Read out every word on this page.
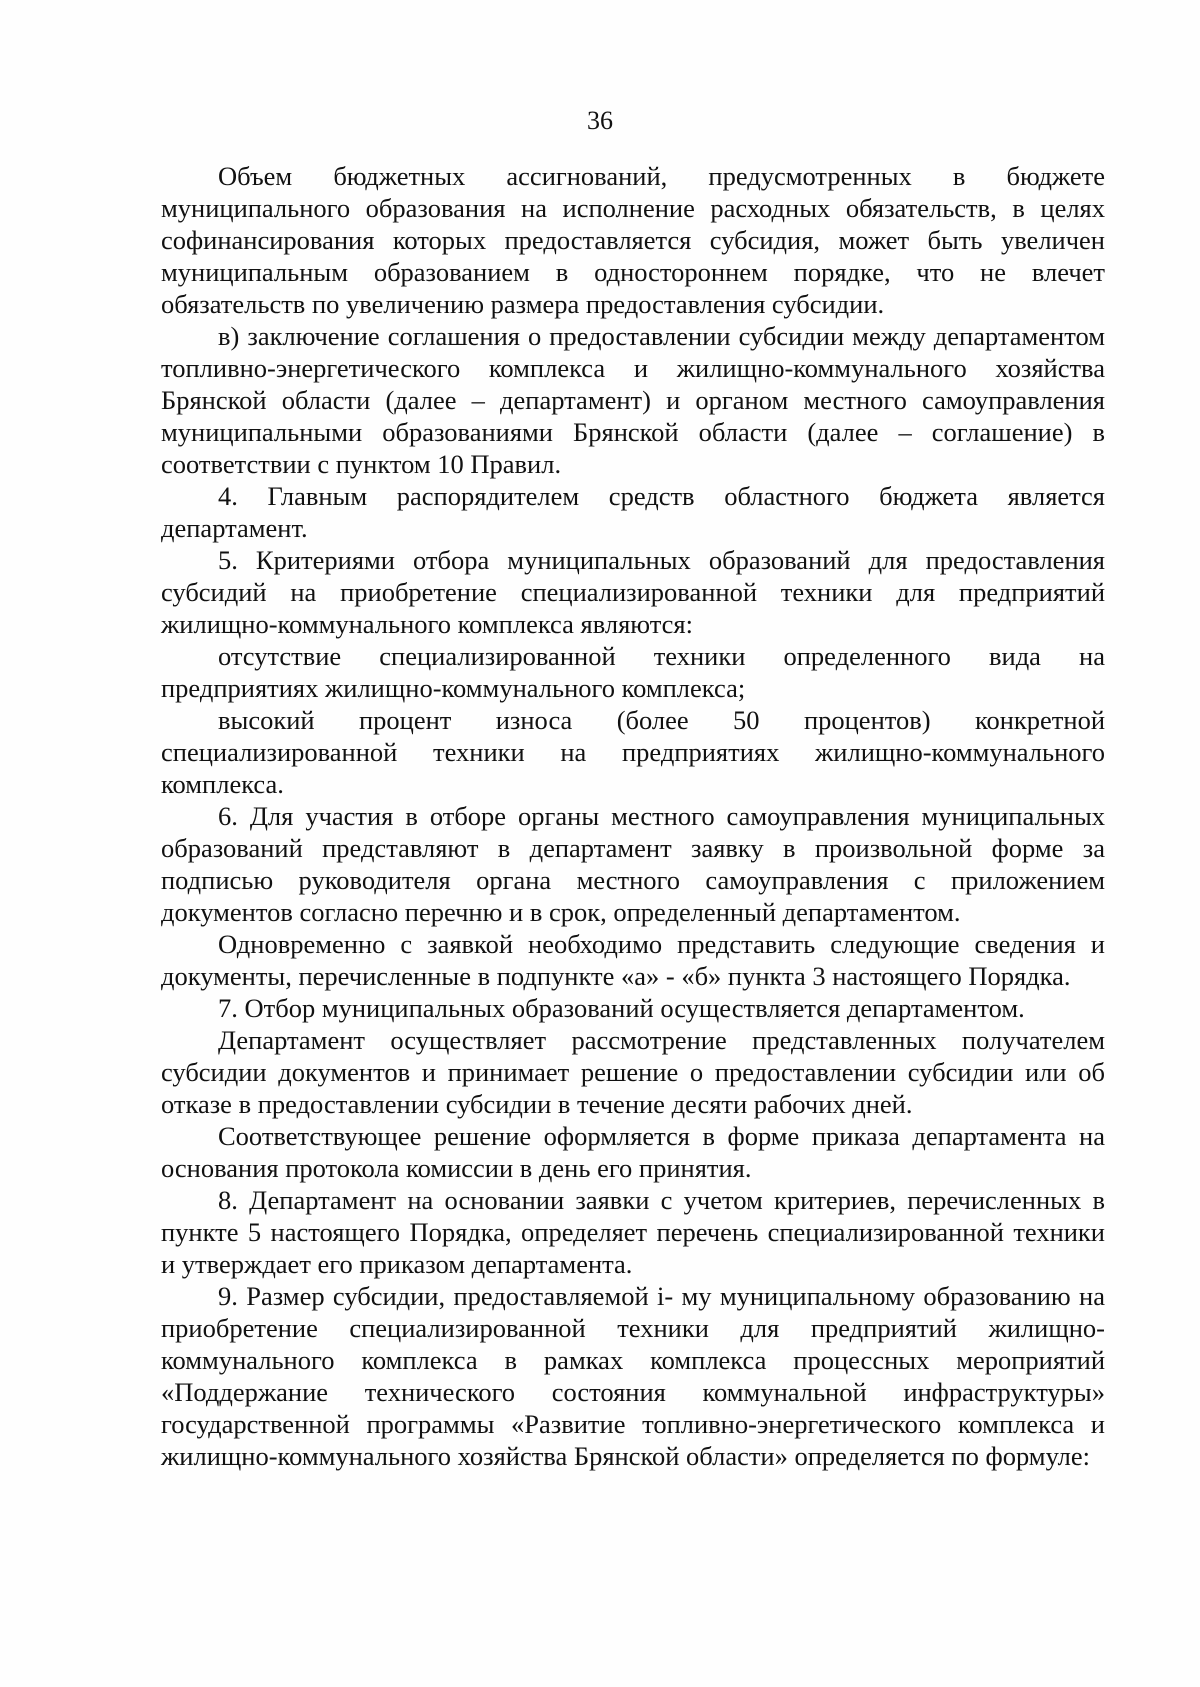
36

Объем бюджетных ассигнований, предусмотренных в бюджете муниципального образования на исполнение расходных обязательств, в целях софинансирования которых предоставляется субсидия, может быть увеличен муниципальным образованием в одностороннем порядке, что не влечет обязательств по увеличению размера предоставления субсидии.

в) заключение соглашения о предоставлении субсидии между департаментом топливно-энергетического комплекса и жилищно-коммунального хозяйства Брянской области (далее – департамент) и органом местного самоуправления муниципальными образованиями Брянской области (далее – соглашение) в соответствии с пунктом 10 Правил.

4. Главным распорядителем средств областного бюджета является департамент.

5. Критериями отбора муниципальных образований для предоставления субсидий на приобретение специализированной техники для предприятий жилищно-коммунального комплекса являются:

отсутствие специализированной техники определенного вида на предприятиях жилищно-коммунального комплекса;

высокий процент износа (более 50 процентов) конкретной специализированной техники на предприятиях жилищно-коммунального комплекса.

6. Для участия в отборе органы местного самоуправления муниципальных образований представляют в департамент заявку в произвольной форме за подписью руководителя органа местного самоуправления с приложением документов согласно перечню и в срок, определенный департаментом.

Одновременно с заявкой необходимо представить следующие сведения и документы, перечисленные в подпункте «а» - «б» пункта 3 настоящего Порядка.

7. Отбор муниципальных образований осуществляется департаментом.

Департамент осуществляет рассмотрение представленных получателем субсидии документов и принимает решение о предоставлении субсидии или об отказе в предоставлении субсидии в течение десяти рабочих дней.

Соответствующее решение оформляется в форме приказа департамента на основания протокола комиссии в день его принятия.

8. Департамент на основании заявки с учетом критериев, перечисленных в пункте 5 настоящего Порядка, определяет перечень специализированной техники и утверждает его приказом департамента.

9. Размер субсидии, предоставляемой i- му муниципальному образованию на приобретение специализированной техники для предприятий жилищно-коммунального комплекса в рамках комплекса процессных мероприятий «Поддержание технического состояния коммунальной инфраструктуры» государственной программы «Развитие топливно-энергетического комплекса и жилищно-коммунального хозяйства Брянской области» определяется по формуле:
